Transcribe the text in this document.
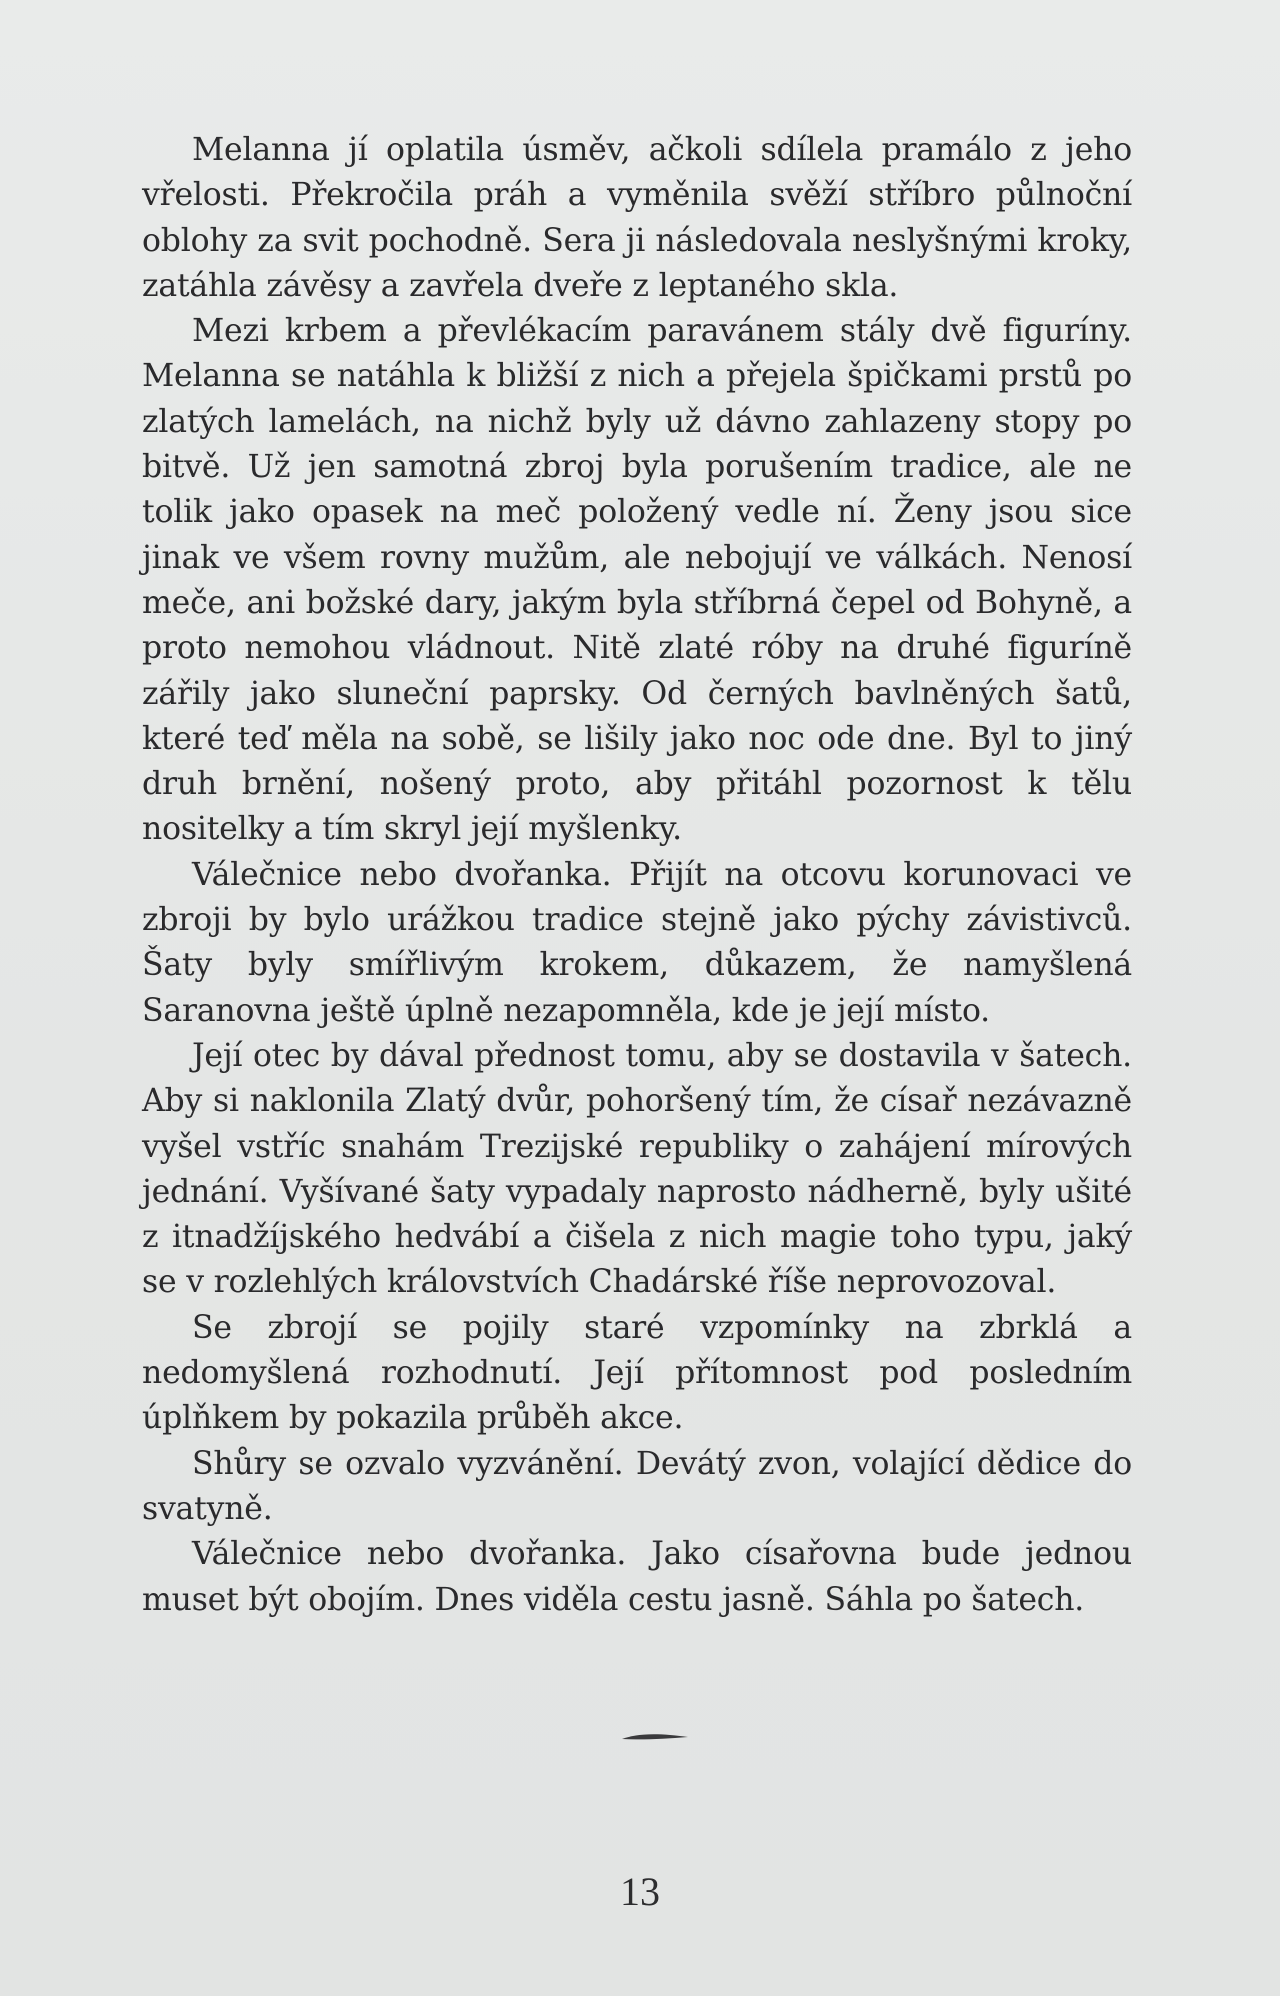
Melanna jí oplatila úsměv, ačkoli sdílela pramálo z jeho vřelosti. Překročila práh a vyměnila svěží stříbro půlnoční oblohy za svit pochodně. Sera ji následovala neslyšnými kroky, zatáhla závěsy a zavřela dveře z leptaného skla.

Mezi krbem a převlékacím paravánem stály dvě figuríny. Melanna se natáhla k bližší z nich a přejela špičkami prstů po zlatých lamelách, na nichž byly už dávno zahlazeny stopy po bitvě. Už jen samotná zbroj byla porušením tradice, ale ne tolik jako opasek na meč položený vedle ní. Ženy jsou sice jinak ve všem rovny mužům, ale nebojují ve válkách. Nenosí meče, ani božské dary, jakým byla stříbrná čepel od Bohyně, a proto nemohou vládnout. Nitě zlaté róby na druhé figuríně zářily jako sluneční paprsky. Od černých bavlněných šatů, které teď měla na sobě, se lišily jako noc ode dne. Byl to jiný druh brnění, nošený proto, aby přitáhl pozornost k tělu nositelky a tím skryl její myšlenky.

Válečnice nebo dvořanka. Přijít na otcovu korunovaci ve zbroji by bylo urážkou tradice stejně jako pýchy závistivců. Šaty byly smířlivým krokem, důkazem, že namyšlená Saranovna ještě úplně nezapomněla, kde je její místo.

Její otec by dával přednost tomu, aby se dostavila v šatech. Aby si naklonila Zlatý dvůr, pohoršený tím, že císař nezávazně vyšel vstříc snahám Trezijské republiky o zahájení mírových jednání. Vyšívané šaty vypadaly naprosto nádherně, byly ušité z itnadžíjského hedvábí a čišela z nich magie toho typu, jaký se v rozlehlých královstvích Chadárské říše neprovozoval.

Se zbrojí se pojily staré vzpomínky na zbrklá a nedomyšlená rozhodnutí. Její přítomnost pod posledním úplňkem by pokazila průběh akce.

Shůry se ozvalo vyzvánění. Devátý zvon, volající dědice do svatyně.

Válečnice nebo dvořanka. Jako císařovna bude jednou muset být obojím. Dnes viděla cestu jasně. Sáhla po šatech.

13
